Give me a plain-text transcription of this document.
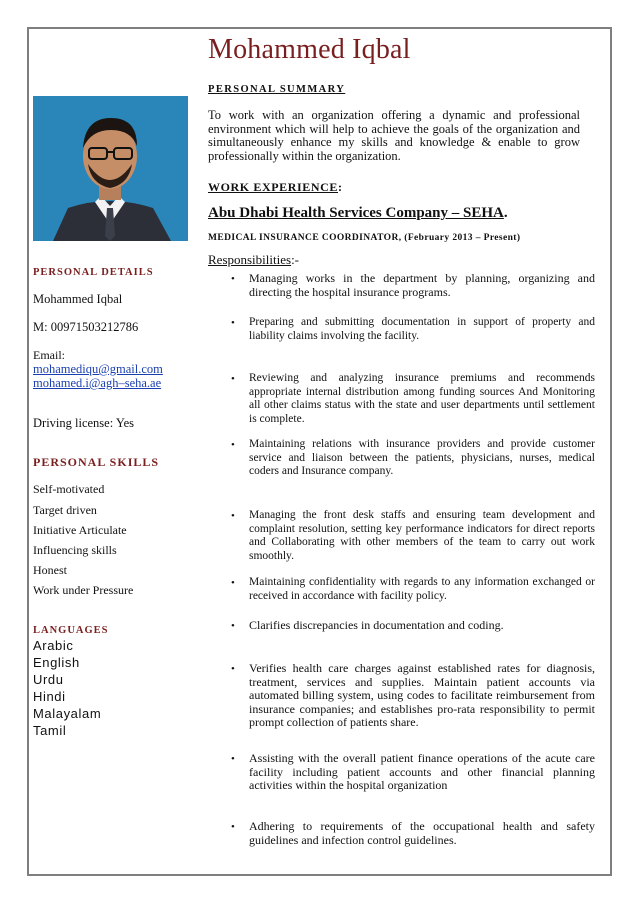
Mohammed Iqbal
PERSONAL DETAILS
Mohammed Iqbal
M: 00971503212786
Email:
mohamediqu@gmail.com
mohamed.i@agh–seha.ae
Driving license: Yes
PERSONAL SKILLS
Self-motivated
Target driven
Initiative Articulate
Influencing skills
Honest
Work under Pressure
LANGUAGES
Arabic
English
Urdu
Hindi
Malayalam
Tamil
PERSONAL SUMMARY
To work with an organization offering a dynamic and professional environment which will help to achieve the goals of the organization and simultaneously enhance my skills and knowledge & enable to grow professionally within the organization.
WORK EXPERIENCE:
Abu Dhabi Health Services Company – SEHA.
MEDICAL INSURANCE COORDINATOR, (February 2013 – Present)
Responsibilities:-
• Managing works in the department by planning, organizing and directing the hospital insurance programs.
• Preparing and submitting documentation in support of property and liability claims involving the facility.
• Reviewing and analyzing insurance premiums and recommends appropriate internal distribution among funding sources And Monitoring all other claims status with the state and user departments until settlement is complete.
• Maintaining relations with insurance providers and provide customer service and liaison between the patients, physicians, nurses, medical coders and Insurance company.
• Managing the front desk staffs and ensuring team development and complaint resolution, setting key performance indicators for direct reports and Collaborating with other members of the team to carry out work smoothly.
• Maintaining confidentiality with regards to any information exchanged or received in accordance with facility policy.
• Clarifies discrepancies in documentation and coding.
• Verifies health care charges against established rates for diagnosis, treatment, services and supplies. Maintain patient accounts via automated billing system, using codes to facilitate reimbursement from insurance companies; and establishes pro-rata responsibility to permit prompt collection of patients share.
• Assisting with the overall patient finance operations of the acute care facility including patient accounts and other financial planning activities within the hospital organization
• Adhering to requirements of the occupational health and safety guidelines and infection control guidelines.
